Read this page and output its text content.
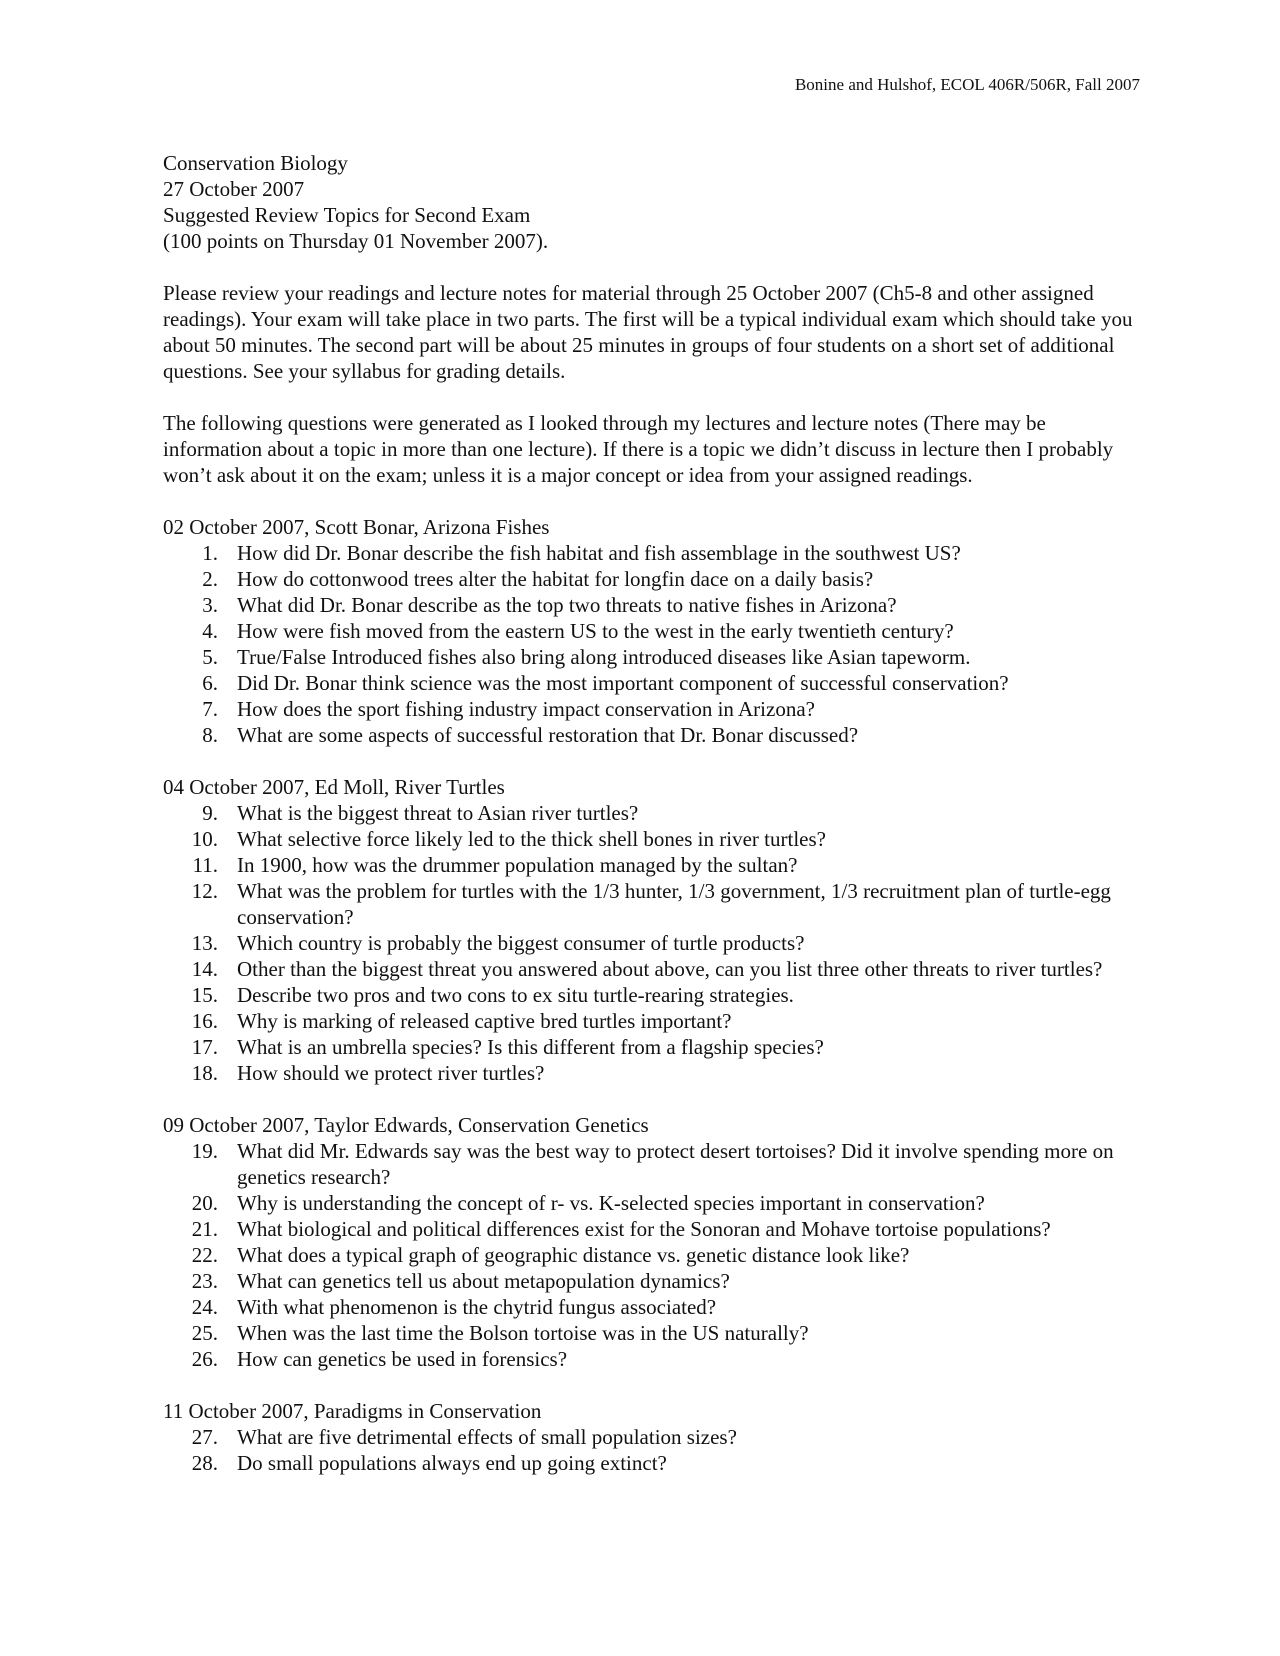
Bonine and Hulshof, ECOL 406R/506R, Fall 2007
Conservation Biology
27 October 2007
Suggested Review Topics for Second Exam
(100 points on Thursday 01 November 2007).

Please review your readings and lecture notes for material through 25 October 2007 (Ch5-8 and other assigned readings). Your exam will take place in two parts. The first will be a typical individual exam which should take you about 50 minutes. The second part will be about 25 minutes in groups of four students on a short set of additional questions. See your syllabus for grading details.

The following questions were generated as I looked through my lectures and lecture notes (There may be information about a topic in more than one lecture). If there is a topic we didn’t discuss in lecture then I probably won’t ask about it on the exam; unless it is a major concept or idea from your assigned readings.

02 October 2007, Scott Bonar, Arizona Fishes
1. How did Dr. Bonar describe the fish habitat and fish assemblage in the southwest US?
2. How do cottonwood trees alter the habitat for longfin dace on a daily basis?
3. What did Dr. Bonar describe as the top two threats to native fishes in Arizona?
4. How were fish moved from the eastern US to the west in the early twentieth century?
5. True/False Introduced fishes also bring along introduced diseases like Asian tapeworm.
6. Did Dr. Bonar think science was the most important component of successful conservation?
7. How does the sport fishing industry impact conservation in Arizona?
8. What are some aspects of successful restoration that Dr. Bonar discussed?
04 October 2007, Ed Moll, River Turtles
9. What is the biggest threat to Asian river turtles?
10. What selective force likely led to the thick shell bones in river turtles?
11. In 1900, how was the drummer population managed by the sultan?
12. What was the problem for turtles with the 1/3 hunter, 1/3 government, 1/3 recruitment plan of turtle-egg conservation?
13. Which country is probably the biggest consumer of turtle products?
14. Other than the biggest threat you answered about above, can you list three other threats to river turtles?
15. Describe two pros and two cons to ex situ turtle-rearing strategies.
16. Why is marking of released captive bred turtles important?
17. What is an umbrella species? Is this different from a flagship species?
18. How should we protect river turtles?
09 October 2007, Taylor Edwards, Conservation Genetics
19. What did Mr. Edwards say was the best way to protect desert tortoises? Did it involve spending more on genetics research?
20. Why is understanding the concept of r- vs. K-selected species important in conservation?
21. What biological and political differences exist for the Sonoran and Mohave tortoise populations?
22. What does a typical graph of geographic distance vs. genetic distance look like?
23. What can genetics tell us about metapopulation dynamics?
24. With what phenomenon is the chytrid fungus associated?
25. When was the last time the Bolson tortoise was in the US naturally?
26. How can genetics be used in forensics?
11 October 2007, Paradigms in Conservation
27. What are five detrimental effects of small population sizes?
28. Do small populations always end up going extinct?
